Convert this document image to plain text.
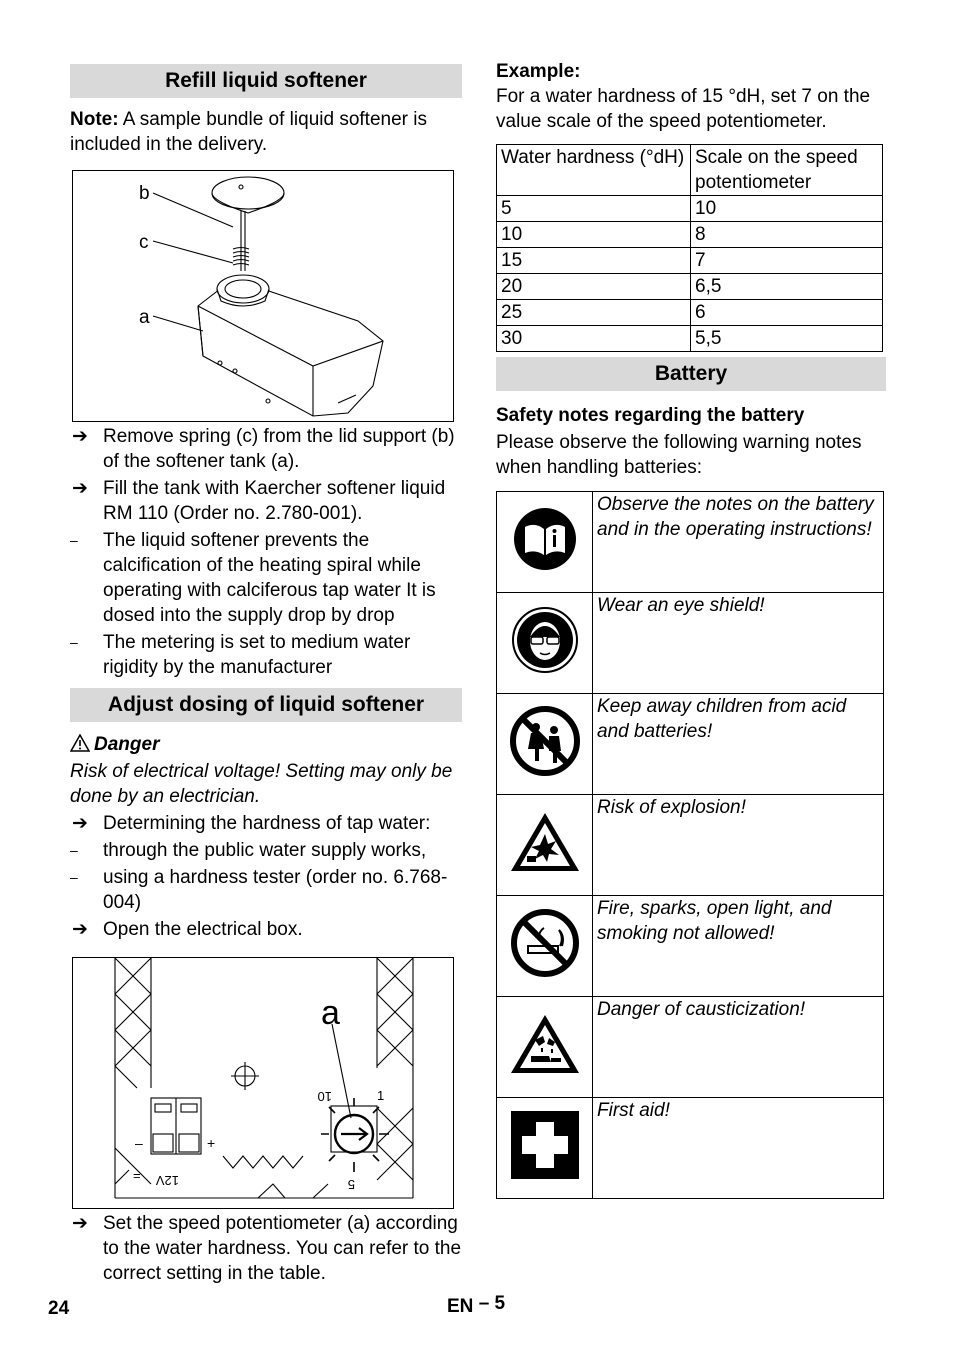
Refill liquid softener

Note: A sample bundle of liquid softener is included in the delivery.

b
c
a
➔ Remove spring (c) from the lid support (b) of the softener tank (a).
➔ Fill the tank with Kaercher softener liquid RM 110 (Order no. 2.780-001).
–	The liquid softener prevents the calcification of the heating spiral while operating with calciferous tap water It is dosed into the supply drop by drop
–	The metering is set to medium water rigidity by the manufacturer
Adjust dosing of liquid softener

Danger

Risk of electrical voltage! Setting may only be done by an electrician.

➔ Determining the hardness of tap water:
–	through the public water supply works,
–	using a hardness tester (order no. 6.768-004)
➔ Open the electrical box.
a
10	1
5
12V
–	+
=
➔ Set the speed potentiometer (a) according to the water hardness. You can refer to the correct setting in the table.

Example:

For a water hardness of 15 °dH, set 7 on the value scale of the speed potentiometer.

Water hardness (°dH)	Scale on the speed potentiometer
5	10
10	8
15	7
20	6,5
25	6
30	5,5
Battery

Safety notes regarding the battery

Please observe the following warning notes when handling batteries:

	Observe the notes on the battery and in the operating instructions!
	Wear an eye shield!
	Keep away children from acid and batteries!
	Risk of explosion!
	Fire, sparks, open light, and smoking not allowed!
	Danger of causticization!
	First aid!
24	EN – 5
